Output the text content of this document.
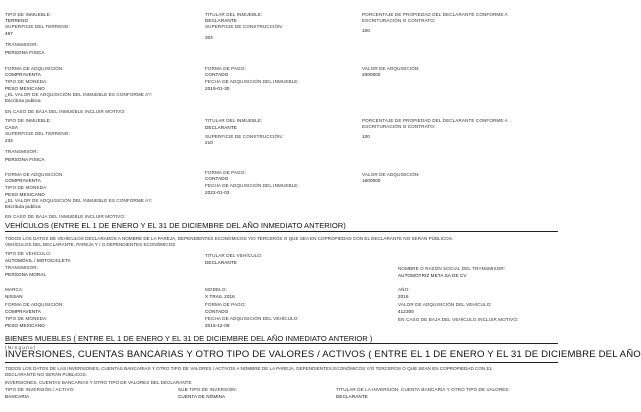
TIPO DE INMUEBLE:
TERRENO
SUPERFICIE DEL TERRENO:
467
TRANSMISOR:
PERSONA FISICA
TITULAR DEL INMUEBLE:
DECLARANTE
SUPERFICIE DE CONSTRUCCIÓN:
304
PORCENTAJE DE PROPIEDAD DEL DECLARANTE CONFORME A
ESCRITURACIÓN O CONTRATO:
100
FORMA DE ADQUISICIÓN:
COMPRAVENTA
TIPO DE MONEDA:
PESO MEXICANO
¿EL VALOR DE ADQUISICIÓN DEL INMUEBLE ES CONFORME A?:
Escritura publica
EN CASO DE BAJA DEL INMUEBLE INCLUIR MOTIVO:
FORMA DE PAGO:
CONTADO
FECHA DE ADQUISICIÓN DEL INMUEBLE:
2019-01-30
VALOR DE ADQUISICIÓN:
2000000
TIPO DE INMUEBLE:
CASA
SUPERFICIE DEL TERRENO:
234
TRANSMISOR:
PERSONA FISICA
TITULAR DEL INMUEBLE:
DECLARANTE
SUPERFICIE DE CONSTRUCCIÓN:
210
PORCENTAJE DE PROPIEDAD DEL DECLARANTE CONFORME A
ESCRITURACIÓN O CONTRATO:
100
FORMA DE ADQUISICIÓN:
COMPRAVENTA
TIPO DE MONEDA:
PESO MEXICANO
¿EL VALOR DE ADQUISICIÓN DEL INMUEBLE ES CONFORME A?:
Escritura publica
EN CASO DE BAJA DEL INMUEBLE INCLUIR MOTIVO:
FORMA DE PAGO:
CONTADO
FECHA DE ADQUISICIÓN DEL INMUEBLE:
2022-01-03
VALOR DE ADQUISICIÓN:
1600000
VEHÍCULOS (ENTRE EL 1 DE ENERO Y EL 31 DE DICIEMBRE DEL AÑO INMEDIATO ANTERIOR)
TODOS LOS DATOS DE VEHÍCULOS DECLARADOS A NOMBRE DE LA PAREJA, DEPENDIENTES ECONÓMICOS Y/O TERCEROS O QUE SEA EN COPROPIEDAD CON EL DECLARANTE NO SERÁN PÚBLICOS.
VEHÍCULOS DEL DECLARANTE, PAREJA Y / O DEPENDIENTES ECONÓMICOS
TIPO DE VEHÍCULO:
AUTOMÓVIL / MOTOCICLETA
TITULAR DEL VEHÍCULO:
DECLARANTE
TRANSMISOR:
PERSONA MORAL
NOMBRE O RAZÓN SOCIAL DEL TRANSMISOR:
AUTOMOTRIZ META SA DE CV
MARCA:
NISSAN
MODELO:
X TRAIL 2016
AÑO:
2016
FORMA DE ADQUISICIÓN:
COMPRAVENTA
FORMA DE PAGO:
CONTADO
VALOR DE ADQUISICIÓN DEL VEHÍCULO:
412300
TIPO DE MONEDA:
PESO MEXICANO
FECHA DE ADQUISICIÓN DEL VEHÍCULO:
2016-12-09
EN CASO DE BAJA DEL VEHÍCULO INCLUIR MOTIVO:
BIENES MUEBLES ( ENTRE EL 1 DE ENERO Y EL 31 DE DICIEMBRE DEL AÑO INMEDIATO ANTERIOR )
( N i n g u n o )
INVERSIONES, CUENTAS BANCARIAS Y OTRO TIPO DE VALORES / ACTIVOS ( ENTRE EL 1 DE ENERO Y EL 31 DE DICIEMBRE DEL AÑO
TODOS LOS DATOS DE LAS INVERSIONES, CUENTAS BANCARIAS Y OTRO TIPO DE VALORES / ACTIVOS A NOMBRE DE LA PAREJA, DEPENDIENTES ECONÓMICOS Y/O TERCEROS O QUE SEAN EN COPROPIEDAD CON EL
DECLARANTE NO SERÁN PÚBLICOS.
INVERSIONES, CUENTAS BANCARIAS Y OTRO TIPO DE VALORES DEL DECLARANTE
TIPO DE INVERSIÓN / ACTIVO:
BANCARIA
SUB TIPO DE INVERSIÓN:
CUENTA DE NÓMINA
TITULAR DE LA INVERSIÓN, CUENTA BANCARIA Y OTRO TIPO DE VALORES:
DECLARANTE
